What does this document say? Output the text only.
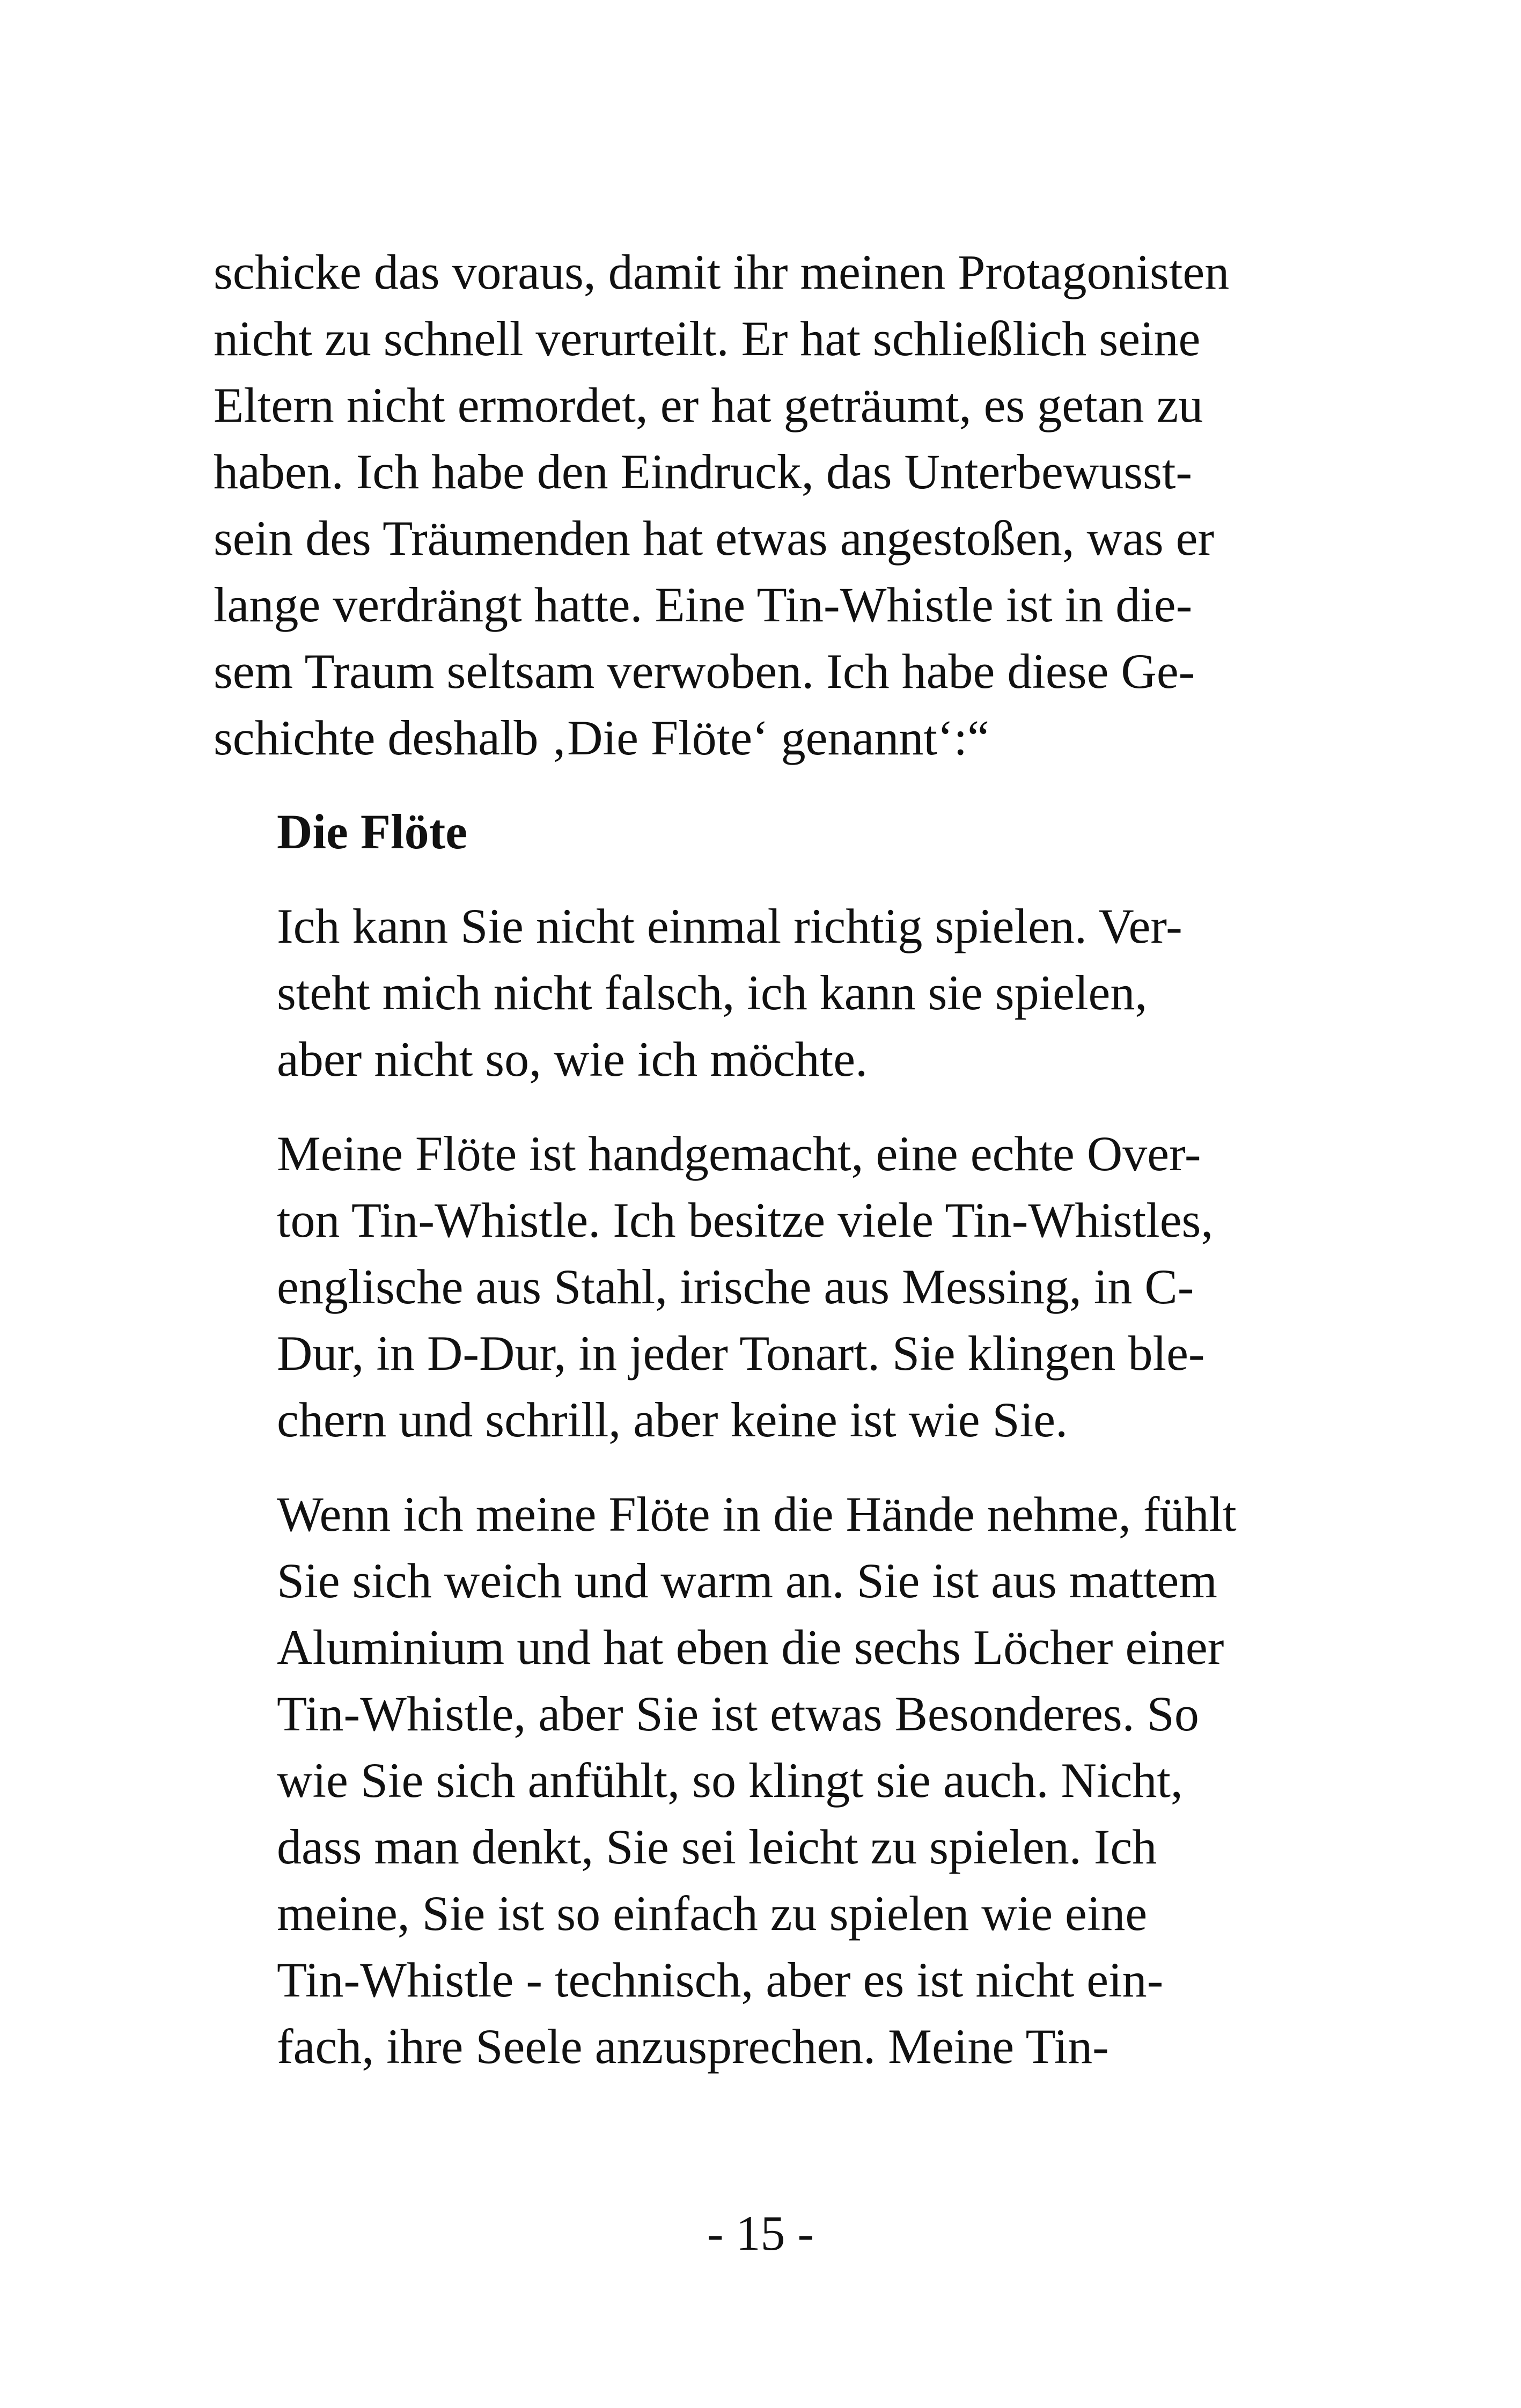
schicke das voraus, damit ihr meinen Protagonisten
nicht zu schnell verurteilt. Er hat schließlich seine
Eltern nicht ermordet, er hat geträumt, es getan zu
haben. Ich habe den Eindruck, das Unterbewusst-
sein des Träumenden hat etwas angestoßen, was er
lange verdrängt hatte. Eine Tin-Whistle ist in die-
sem Traum seltsam verwoben. Ich habe diese Ge-
schichte deshalb ‚Die Flöte‘ genannt‘:“
Die Flöte
Ich kann Sie nicht einmal richtig spielen. Ver-
steht mich nicht falsch, ich kann sie spielen,
aber nicht so, wie ich möchte.
Meine Flöte ist handgemacht, eine echte Over-
ton Tin-Whistle. Ich besitze viele Tin-Whistles,
englische aus Stahl, irische aus Messing, in C-
Dur, in D-Dur, in jeder Tonart. Sie klingen ble-
chern und schrill, aber keine ist wie Sie.
Wenn ich meine Flöte in die Hände nehme, fühlt
Sie sich weich und warm an. Sie ist aus mattem
Aluminium und hat eben die sechs Löcher einer
Tin-Whistle, aber Sie ist etwas Besonderes. So
wie Sie sich anfühlt, so klingt sie auch. Nicht,
dass man denkt, Sie sei leicht zu spielen. Ich
meine, Sie ist so einfach zu spielen wie eine
Tin-Whistle - technisch, aber es ist nicht ein-
fach, ihre Seele anzusprechen. Meine Tin-
- 15 -
